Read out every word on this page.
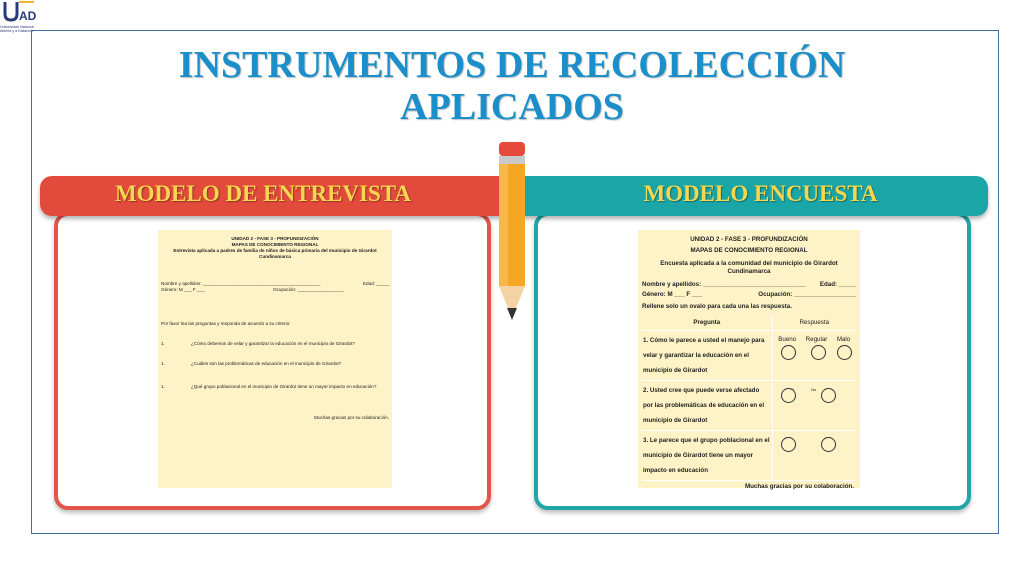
AD
Universidad Nacional Abierta y a Distancia
INSTRUMENTOS DE RECOLECCIÓN
APLICADOS
MODELO DE ENTREVISTA	MODELO ENCUESTA
UNIDAD 2 - FASE 3 - PROFUNDIZACIÓN
MAPAS DE CONOCIMIENTO REGIONAL
Entrevista aplicada a padres de familia de niños de básica primaria del municipio de Girardot Cundinamarca
Nombre y apellidos: ______________________________________________	Edad: _____
Género: M ___ F ___	Ocupación: __________________
Por favor lea las preguntas y responda de acuerdo a su criterio:
1.	¿Cómo debemos de velar y garantizar la educación en el municipio de Girardot?
1.	¿Cuáles son las problemáticas de educación en el municipio de Girardot?
1.	¿Qué grupo poblacional en el municipio de Girardot tiene un mayor impacto en educación?
Muchas gracias por su colaboración.
UNIDAD 2 - FASE 3 - PROFUNDIZACIÓN
MAPAS DE CONOCIMIENTO REGIONAL
Encuesta aplicada a la comunidad del municipio de Girardot Cundinamarca
Nombre y apellidos: ______________________________ Edad: _____
Género: M ___ F ___	Ocupación: __________________
Rellene solo un ovalo para cada una las respuesta.
Pregunta	Respuesta
1. Cómo le parece a usted el manejo para velar y garantizar la educación en el municipio de Girardot	Bueno Regular Malo

2. Usted cree que puede verse afectado por las problemáticas de educación en el municipio de Girardot	No

3. Le parece que el grupo poblacional en el municipio de Girardot tiene un mayor impacto en educación	

Muchas gracias por su colaboración.	
